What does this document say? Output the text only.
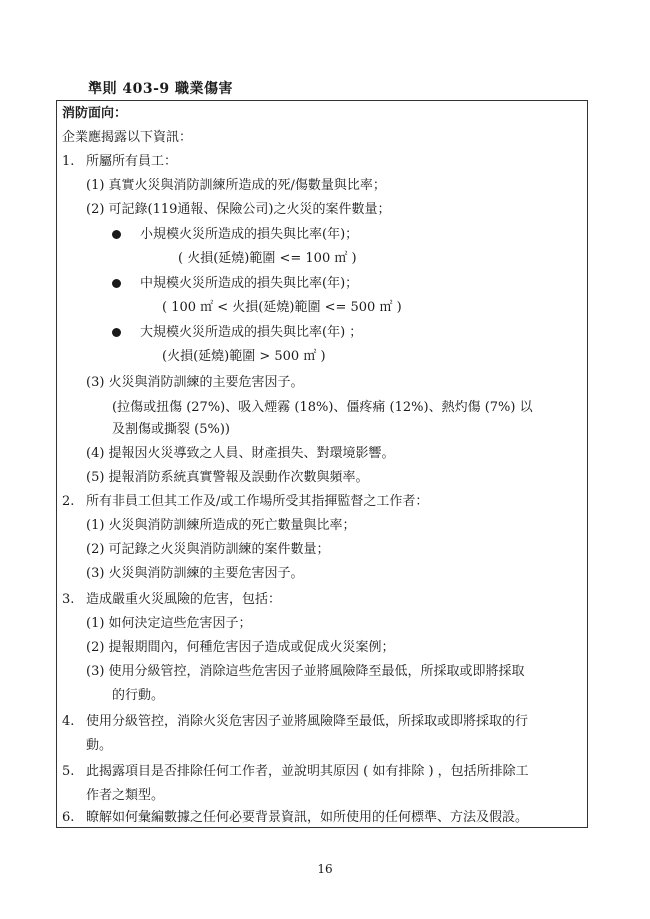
準則 403-9 職業傷害
消防面向：
企業應揭露以下資訊：
1. 所屬所有員工：
(1) 真實火災與消防訓練所造成的死/傷數量與比率；
(2) 可記錄(119通報、保險公司)之火災的案件數量；
小規模火災所造成的損失與比率(年)；
( 火損(延燒)範圍 <= 100 ㎡ )
中規模火災所造成的損失與比率(年)；
( 100 ㎡ < 火損(延燒)範圍 <= 500 ㎡ )
大規模火災所造成的損失與比率(年) ；
(火損(延燒)範圍 > 500 ㎡ )
(3) 火災與消防訓練的主要危害因子。
(拉傷或扭傷 (27%)、吸入煙霧 (18%)、僵疼痛 (12%)、熱灼傷 (7%) 以
及割傷或撕裂 (5%))
(4) 提報因火災導致之人員、財產損失、對環境影響。
(5) 提報消防系統真實警報及誤動作次數與頻率。
2. 所有非員工但其工作及/或工作場所受其指揮監督之工作者：
(1) 火災與消防訓練所造成的死亡數量與比率；
(2) 可記錄之火災與消防訓練的案件數量；
(3) 火災與消防訓練的主要危害因子。
3. 造成嚴重火災風險的危害，包括：
(1) 如何決定這些危害因子；
(2) 提報期間內，何種危害因子造成或促成火災案例；
(3) 使用分級管控，消除這些危害因子並將風險降至最低，所採取或即將採取
的行動。
4. 使用分級管控，消除火災危害因子並將風險降至最低，所採取或即將採取的行
動。
5. 此揭露項目是否排除任何工作者，並說明其原因 ( 如有排除 ) ，包括所排除工
作者之類型。
6. 瞭解如何彙編數據之任何必要背景資訊，如所使用的任何標準、方法及假設。
16
